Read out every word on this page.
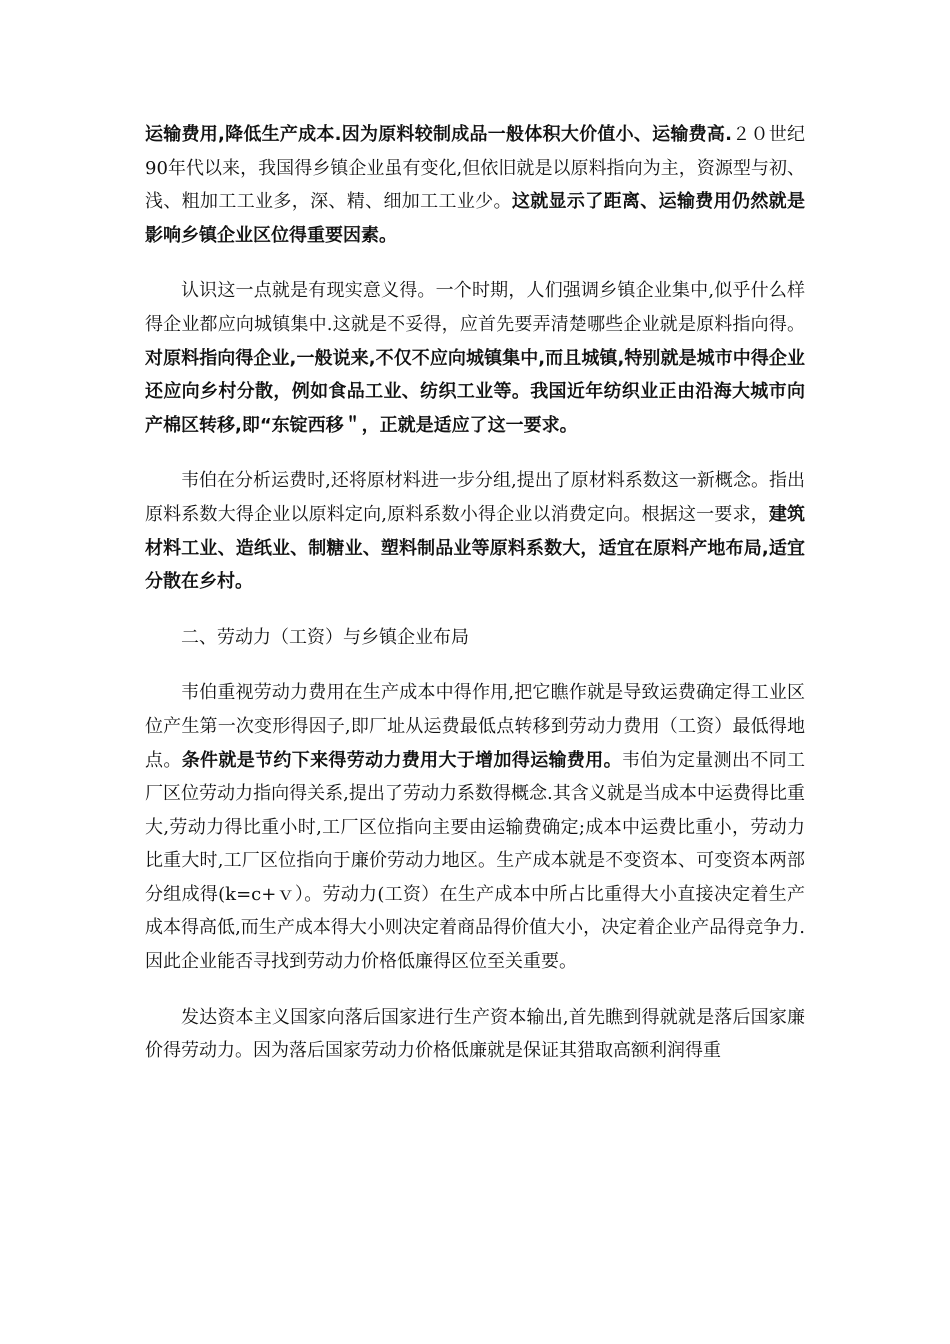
运输费用,降低生产成本.因为原料较制成品一般体积大价值小、运输费高.２０世纪90年代以来，我国得乡镇企业虽有变化,但依旧就是以原料指向为主，资源型与初、浅、粗加工工业多，深、精、细加工工业少。这就显示了距离、运输费用仍然就是影响乡镇企业区位得重要因素。

认识这一点就是有现实意义得。一个时期，人们强调乡镇企业集中,似乎什么样得企业都应向城镇集中.这就是不妥得，应首先要弄清楚哪些企业就是原料指向得。对原料指向得企业,一般说来,不仅不应向城镇集中,而且城镇,特别就是城市中得企业还应向乡村分散，例如食品工业、纺织工业等。我国近年纺织业正由沿海大城市向产棉区转移,即“东锭西移＂，正就是适应了这一要求。

韦伯在分析运费时,还将原材料进一步分组,提出了原材料系数这一新概念。指出原料系数大得企业以原料定向,原料系数小得企业以消费定向。根据这一要求，建筑材料工业、造纸业、制糖业、塑料制品业等原料系数大，适宜在原料产地布局,适宜分散在乡村。

二、劳动力（工资）与乡镇企业布局

韦伯重视劳动力费用在生产成本中得作用,把它瞧作就是导致运费确定得工业区位产生第一次变形得因子,即厂址从运费最低点转移到劳动力费用（工资）最低得地点。条件就是节约下来得劳动力费用大于增加得运输费用。韦伯为定量测出不同工厂区位劳动力指向得关系,提出了劳动力系数得概念.其含义就是当成本中运费得比重大,劳动力得比重小时,工厂区位指向主要由运输费确定;成本中运费比重小，劳动力比重大时,工厂区位指向于廉价劳动力地区。生产成本就是不变资本、可变资本两部分组成得(k=c+ｖ）。劳动力(工资）在生产成本中所占比重得大小直接决定着生产成本得高低,而生产成本得大小则决定着商品得价值大小，决定着企业产品得竞争力.因此企业能否寻找到劳动力价格低廉得区位至关重要。

发达资本主义国家向落后国家进行生产资本输出,首先瞧到得就就是落后国家廉价得劳动力。因为落后国家劳动力价格低廉就是保证其猎取高额利润得重
